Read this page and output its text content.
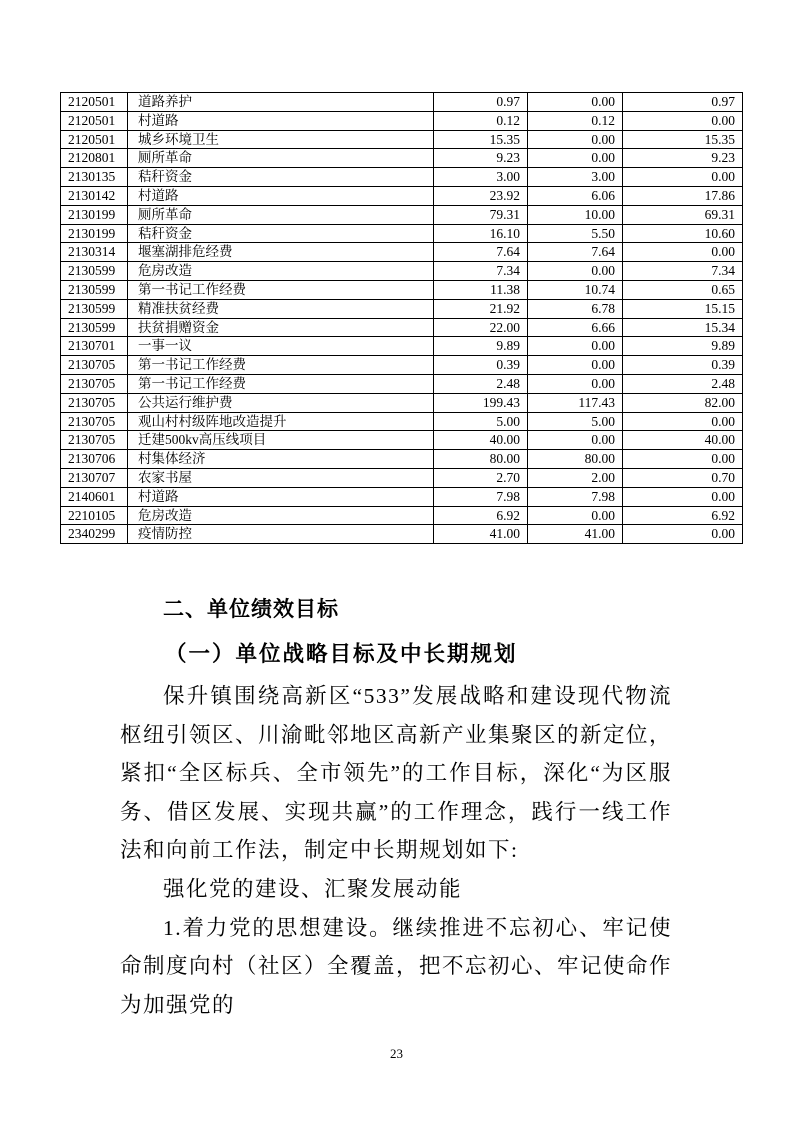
2120501	道路养护	0.97	0.00	0.97
2120501	村道路	0.12	0.12	0.00
2120501	城乡环境卫生	15.35	0.00	15.35
2120801	厕所革命	9.23	0.00	9.23
2130135	秸秆资金	3.00	3.00	0.00
2130142	村道路	23.92	6.06	17.86
2130199	厕所革命	79.31	10.00	69.31
2130199	秸秆资金	16.10	5.50	10.60
2130314	堰塞湖排危经费	7.64	7.64	0.00
2130599	危房改造	7.34	0.00	7.34
2130599	第一书记工作经费	11.38	10.74	0.65
2130599	精准扶贫经费	21.92	6.78	15.15
2130599	扶贫捐赠资金	22.00	6.66	15.34
2130701	一事一议	9.89	0.00	9.89
2130705	第一书记工作经费	0.39	0.00	0.39
2130705	第一书记工作经费	2.48	0.00	2.48
2130705	公共运行维护费	199.43	117.43	82.00
2130705	观山村村级阵地改造提升	5.00	5.00	0.00
2130705	迁建500kv高压线项目	40.00	0.00	40.00
2130706	村集体经济	80.00	80.00	0.00
2130707	农家书屋	2.70	2.00	0.70
2140601	村道路	7.98	7.98	0.00
2210105	危房改造	6.92	0.00	6.92
2340299	疫情防控	41.00	41.00	0.00
二、单位绩效目标
（一）单位战略目标及中长期规划

保升镇围绕高新区“533”发展战略和建设现代物流枢纽引领区、川渝毗邻地区高新产业集聚区的新定位，紧扣“全区标兵、全市领先”的工作目标，深化“为区服务、借区发展、实现共赢”的工作理念，践行一线工作法和向前工作法，制定中长期规划如下:

强化党的建设、汇聚发展动能

1.着力党的思想建设。继续推进不忘初心、牢记使命制度向村（社区）全覆盖，把不忘初心、牢记使命作为加强党的

23
